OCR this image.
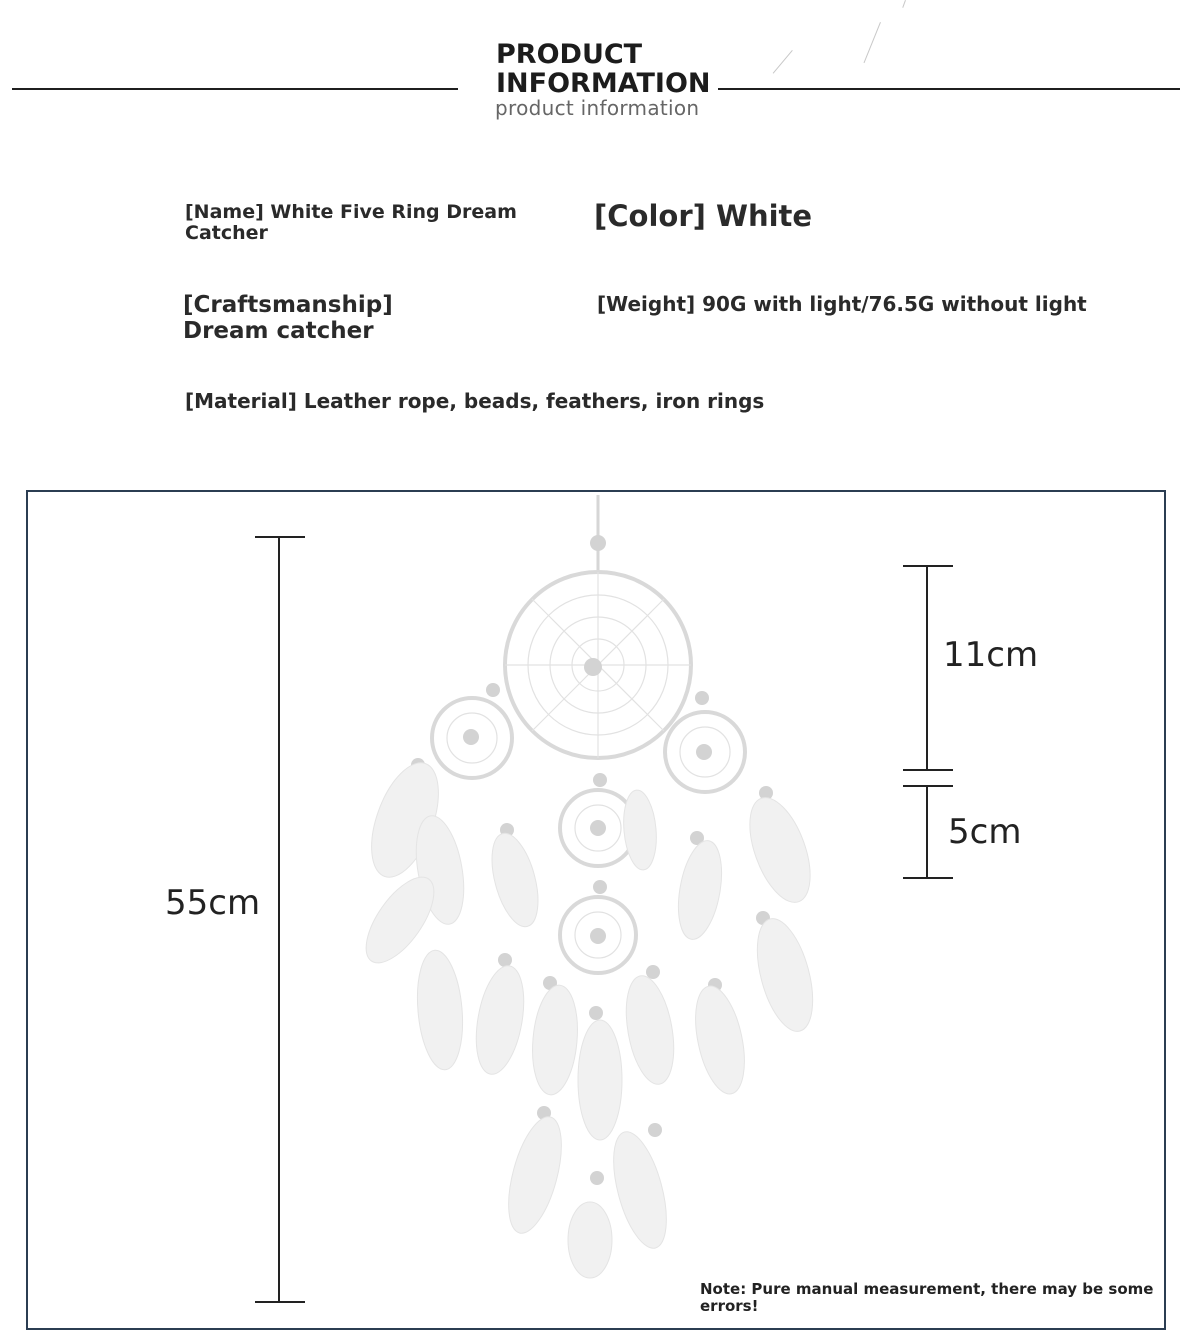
PRODUCT INFORMATION
product information
[Name] White Five Ring Dream Catcher	[Color] White
[Craftsmanship] Dream catcher
[Weight] 90G with light/76.5G without light
[Material] Leather rope, beads, feathers, iron rings
55cm
11cm
5cm
Note: Pure manual measurement, there may be some errors!
